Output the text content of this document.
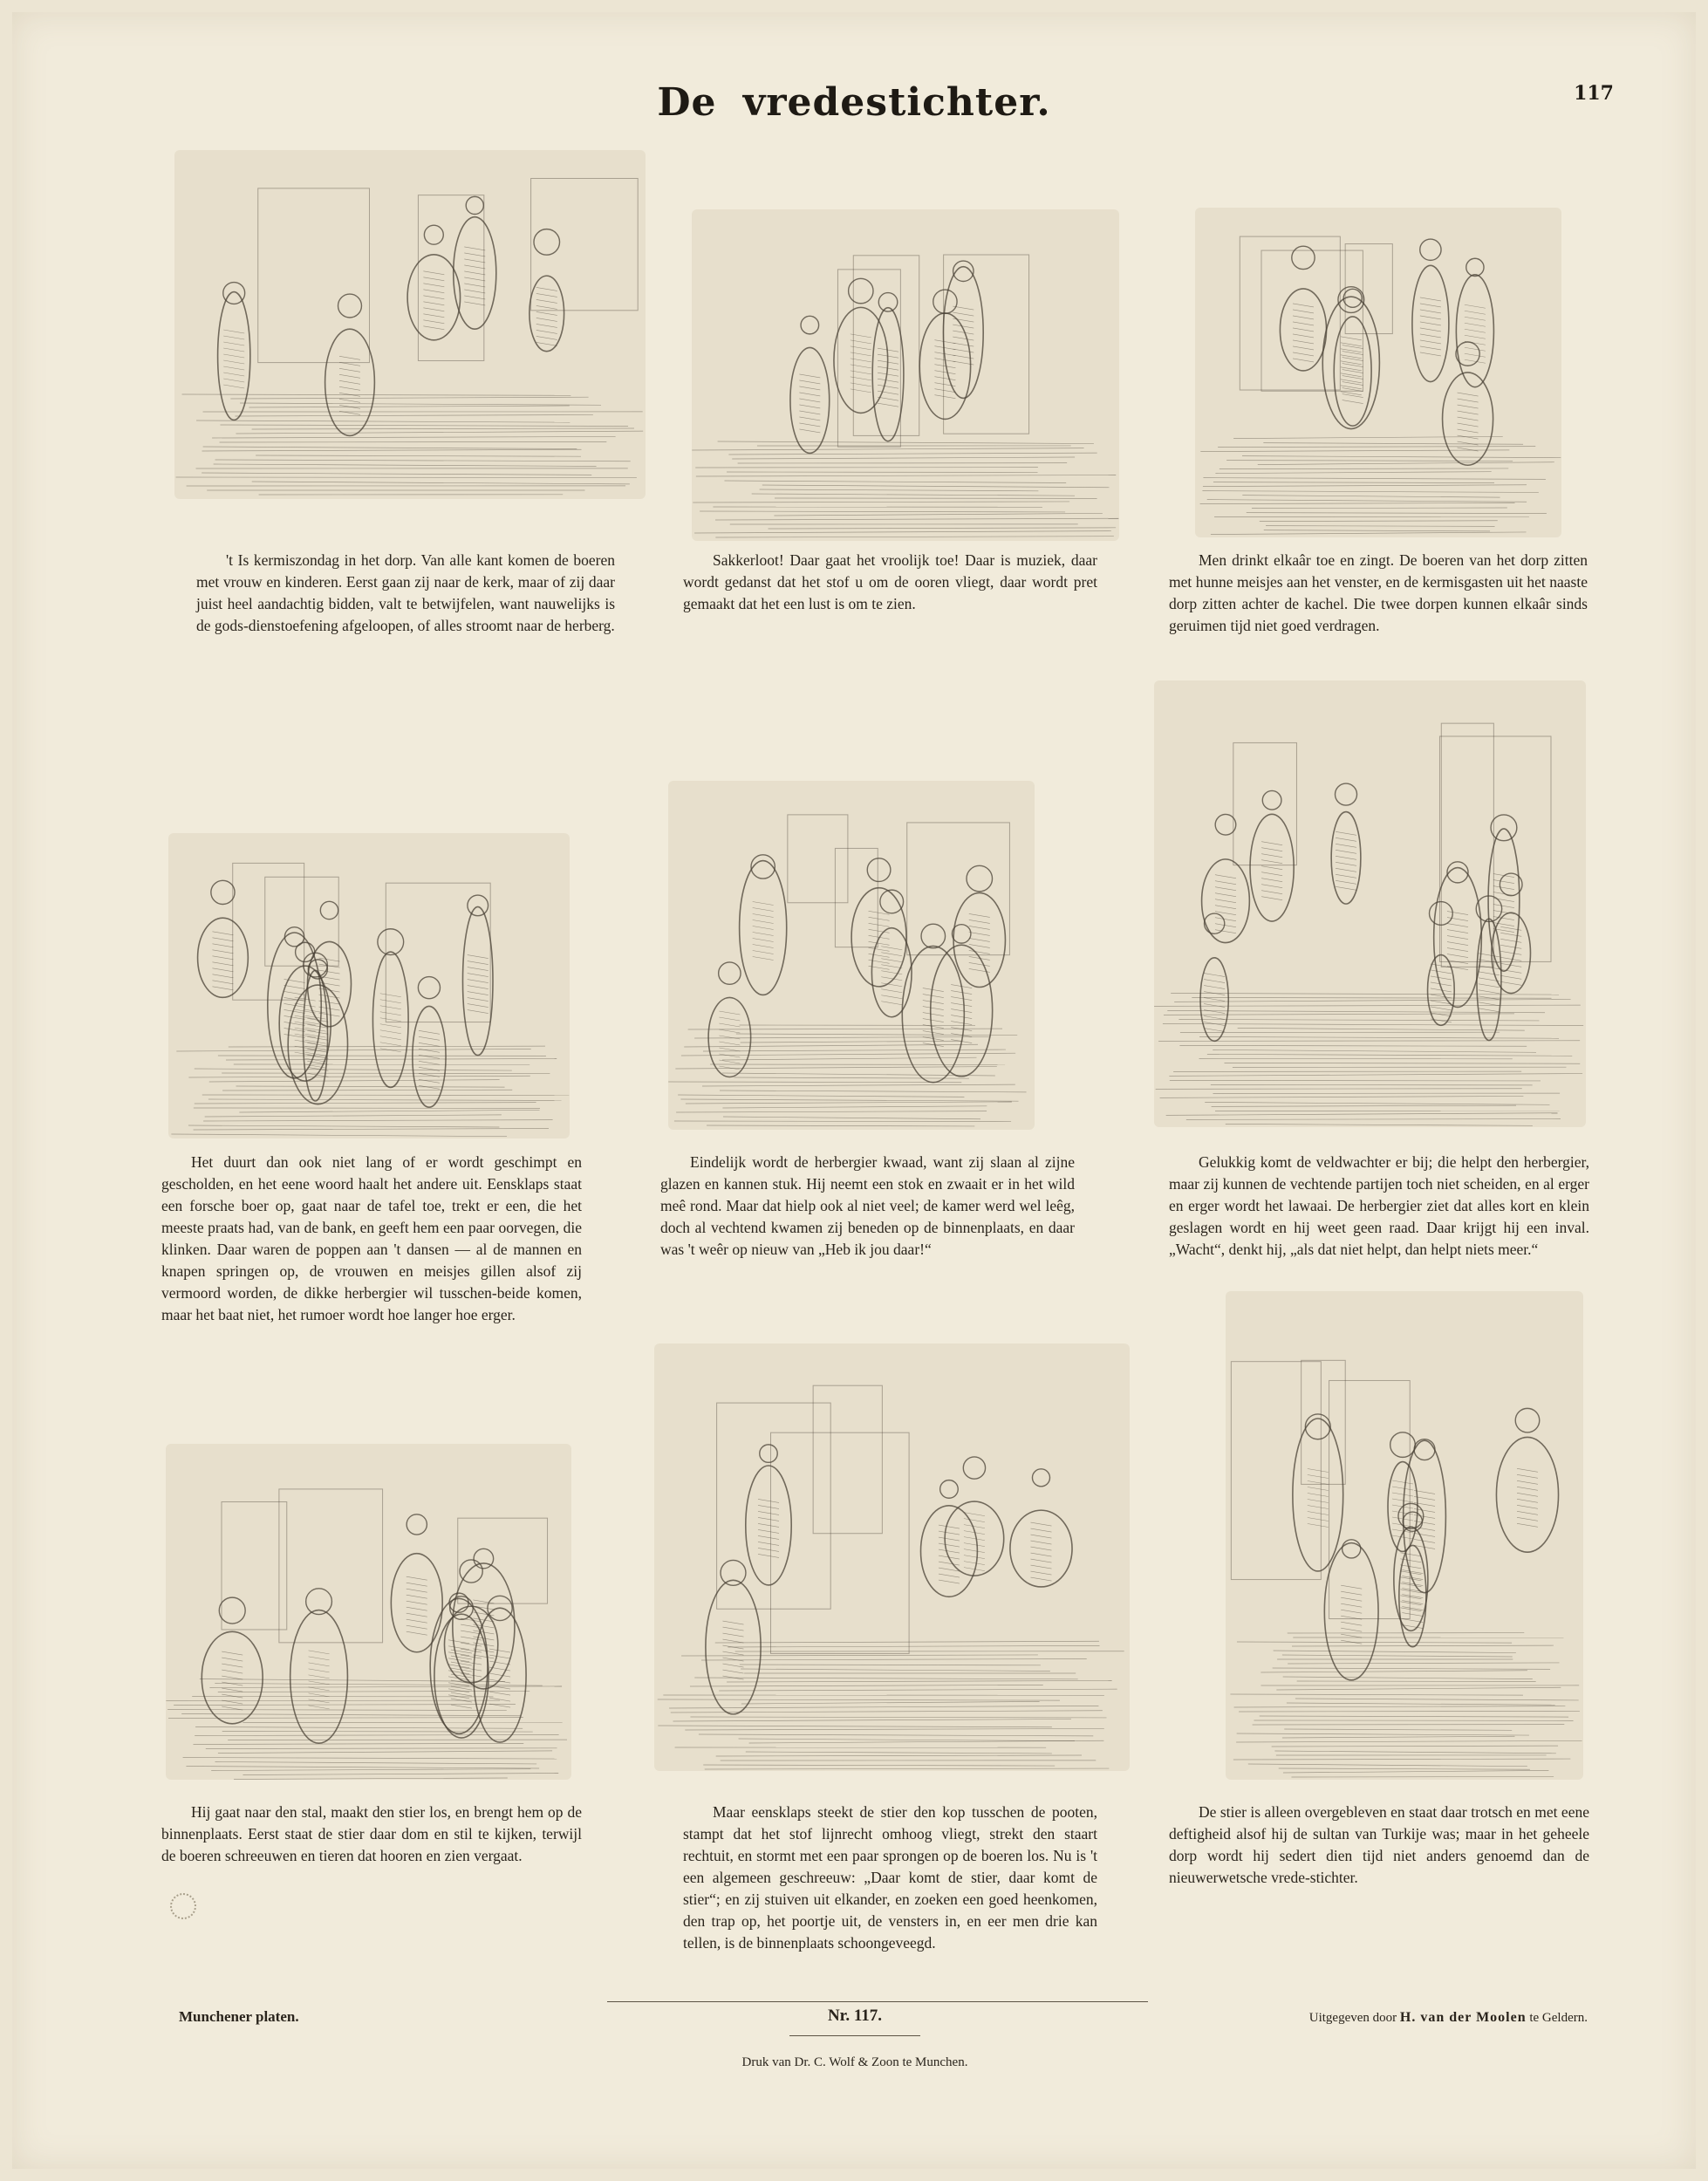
De vredestichter.	117

't Is kermiszondag in het dorp. Van alle kant komen de boeren met vrouw en kinderen. Eerst gaan zij naar de kerk, maar of zij daar juist heel aandachtig bidden, valt te betwijfelen, want nauwelijks is de gods-dienstoefening afgeloopen, of alles stroomt naar de herberg.

Sakkerloot! Daar gaat het vroolijk toe! Daar is muziek, daar wordt gedanst dat het stof u om de ooren vliegt, daar wordt pret gemaakt dat het een lust is om te zien.

Men drinkt elkaâr toe en zingt. De boeren van het dorp zitten met hunne meisjes aan het venster, en de kermisgasten uit het naaste dorp zitten achter de kachel. Die twee dorpen kunnen elkaâr sinds geruimen tijd niet goed verdragen.

Het duurt dan ook niet lang of er wordt geschimpt en gescholden, en het eene woord haalt het andere uit. Eensklaps staat een forsche boer op, gaat naar de tafel toe, trekt er een, die het meeste praats had, van de bank, en geeft hem een paar oorvegen, die klinken. Daar waren de poppen aan 't dansen — al de mannen en knapen springen op, de vrouwen en meisjes gillen alsof zij vermoord worden, de dikke herbergier wil tusschen-beide komen, maar het baat niet, het rumoer wordt hoe langer hoe erger.

Eindelijk wordt de herbergier kwaad, want zij slaan al zijne glazen en kannen stuk. Hij neemt een stok en zwaait er in het wild meê rond. Maar dat hielp ook al niet veel; de kamer werd wel leêg, doch al vechtend kwamen zij beneden op de binnenplaats, en daar was 't weêr op nieuw van „Heb ik jou daar!“

Gelukkig komt de veldwachter er bij; die helpt den herbergier, maar zij kunnen de vechtende partijen toch niet scheiden, en al erger en erger wordt het lawaai. De herbergier ziet dat alles kort en klein geslagen wordt en hij weet geen raad. Daar krijgt hij een inval. „Wacht“, denkt hij, „als dat niet helpt, dan helpt niets meer.“

Hij gaat naar den stal, maakt den stier los, en brengt hem op de binnenplaats. Eerst staat de stier daar dom en stil te kijken, terwijl de boeren schreeuwen en tieren dat hooren en zien vergaat.

Maar eensklaps steekt de stier den kop tusschen de pooten, stampt dat het stof lijnrecht omhoog vliegt, strekt den staart rechtuit, en stormt met een paar sprongen op de boeren los. Nu is 't een algemeen geschreeuw: „Daar komt de stier, daar komt de stier“; en zij stuiven uit elkander, en zoeken een goed heenkomen, den trap op, het poortje uit, de vensters in, en eer men drie kan tellen, is de binnenplaats schoongeveegd.

De stier is alleen overgebleven en staat daar trotsch en met eene deftigheid alsof hij de sultan van Turkije was; maar in het geheele dorp wordt hij sedert dien tijd niet anders genoemd dan de nieuwerwetsche vrede-stichter.

Munchener platen.	Nr. 117.	Uitgegeven door H. van der Moolen te Geldern.
Druk van Dr. C. Wolf & Zoon te Munchen.
